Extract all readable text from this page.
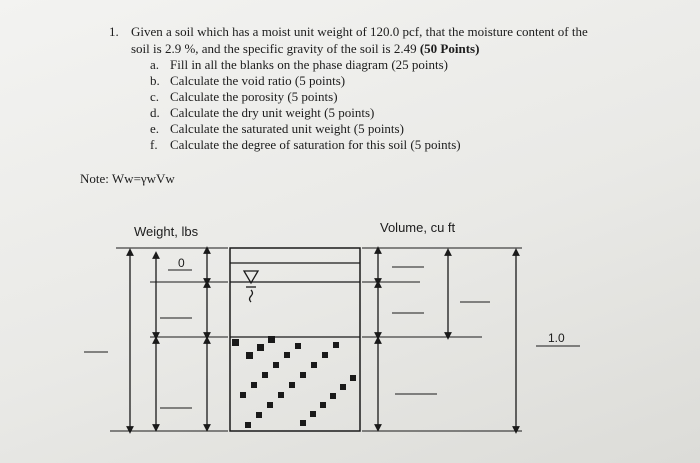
1. Given a soil which has a moist unit weight of 120.0 pcf, that the moisture content of the
soil is 2.9 %, and the specific gravity of the soil is 2.49 (50 Points)
a. Fill in all the blanks on the phase diagram (25 points)
b. Calculate the void ratio (5 points)
c. Calculate the porosity (5 points)
d. Calculate the dry unit weight (5 points)
e. Calculate the saturated unit weight (5 points)
f. Calculate the degree of saturation for this soil (5 points)
Note: Ww=γwVw
Weight, lbs	Volume, cu ft
0
1.0
